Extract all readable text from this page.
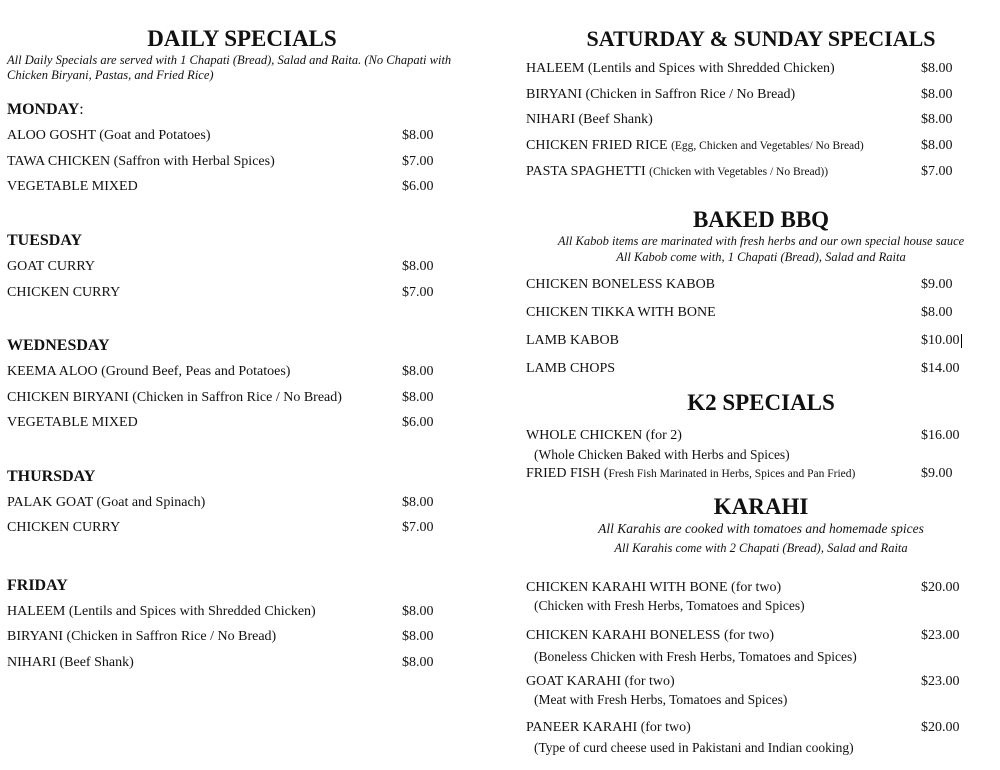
DAILY SPECIALS
All Daily Specials are served with 1 Chapati (Bread), Salad and Raita. (No Chapati with Chicken Biryani, Pastas, and Fried Rice)
MONDAY:
ALOO GOSHT (Goat and Potatoes)	$8.00
TAWA CHICKEN (Saffron with Herbal Spices)	$7.00
VEGETABLE MIXED	$6.00
TUESDAY
GOAT CURRY	$8.00
CHICKEN CURRY	$7.00
WEDNESDAY
KEEMA ALOO (Ground Beef, Peas and Potatoes)	$8.00
CHICKEN BIRYANI (Chicken in Saffron Rice / No Bread)	$8.00
VEGETABLE MIXED	$6.00
THURSDAY
PALAK GOAT (Goat and Spinach)	$8.00
CHICKEN CURRY	$7.00
FRIDAY
HALEEM (Lentils and Spices with Shredded Chicken)	$8.00
BIRYANI (Chicken in Saffron Rice / No Bread)	$8.00
NIHARI (Beef Shank)	$8.00
SATURDAY & SUNDAY SPECIALS
HALEEM (Lentils and Spices with Shredded Chicken)	$8.00
BIRYANI (Chicken in Saffron Rice / No Bread)	$8.00
NIHARI (Beef Shank)	$8.00
CHICKEN FRIED RICE (Egg, Chicken and Vegetables/ No Bread)	$8.00
PASTA SPAGHETTI (Chicken with Vegetables / No Bread))	$7.00
BAKED BBQ
All Kabob items are marinated with fresh herbs and our own special house sauce
All Kabob come with, 1 Chapati (Bread), Salad and Raita
CHICKEN BONELESS KABOB	$9.00
CHICKEN TIKKA WITH BONE	$8.00
LAMB KABOB	$10.00
LAMB CHOPS	$14.00
K2 SPECIALS
WHOLE CHICKEN (for 2)	$16.00
(Whole Chicken Baked with Herbs and Spices)
FRIED FISH (Fresh Fish Marinated in Herbs, Spices and Pan Fried)	$9.00
KARAHI
All Karahis are cooked with tomatoes and homemade spices
All Karahis come with 2 Chapati (Bread), Salad and Raita
CHICKEN KARAHI WITH BONE (for two)	$20.00
(Chicken with Fresh Herbs, Tomatoes and Spices)
CHICKEN KARAHI BONELESS (for two)	$23.00
(Boneless Chicken with Fresh Herbs, Tomatoes and Spices)
GOAT KARAHI (for two)	$23.00
(Meat with Fresh Herbs, Tomatoes and Spices)
PANEER KARAHI (for two)	$20.00
(Type of curd cheese used in Pakistani and Indian cooking)
